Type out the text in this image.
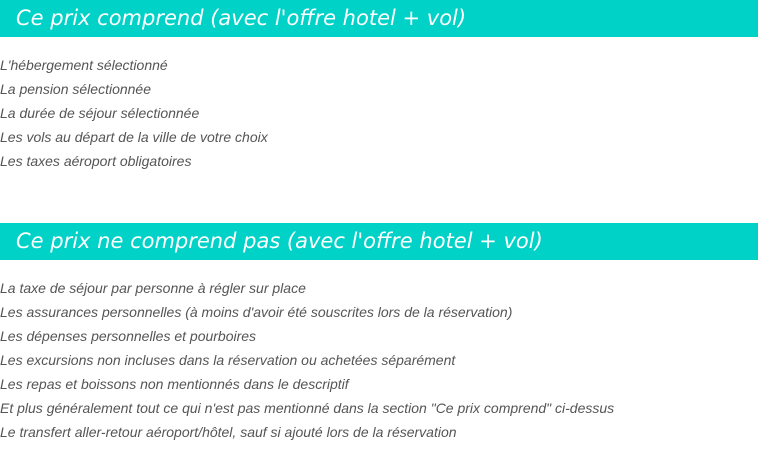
Ce prix comprend (avec l'offre hotel + vol)
L'hébergement sélectionné
La pension sélectionnée
La durée de séjour sélectionnée
Les vols au départ de la ville de votre choix
Les taxes aéroport obligatoires
Ce prix ne comprend pas (avec l'offre hotel + vol)
La taxe de séjour par personne à régler sur place
Les assurances personnelles (à moins d'avoir été souscrites lors de la réservation)
Les dépenses personnelles et pourboires
Les excursions non incluses dans la réservation ou achetées séparément
Les repas et boissons non mentionnés dans le descriptif
Et plus généralement tout ce qui n'est pas mentionné dans la section "Ce prix comprend" ci-dessus
Le transfert aller-retour aéroport/hôtel, sauf si ajouté lors de la réservation
